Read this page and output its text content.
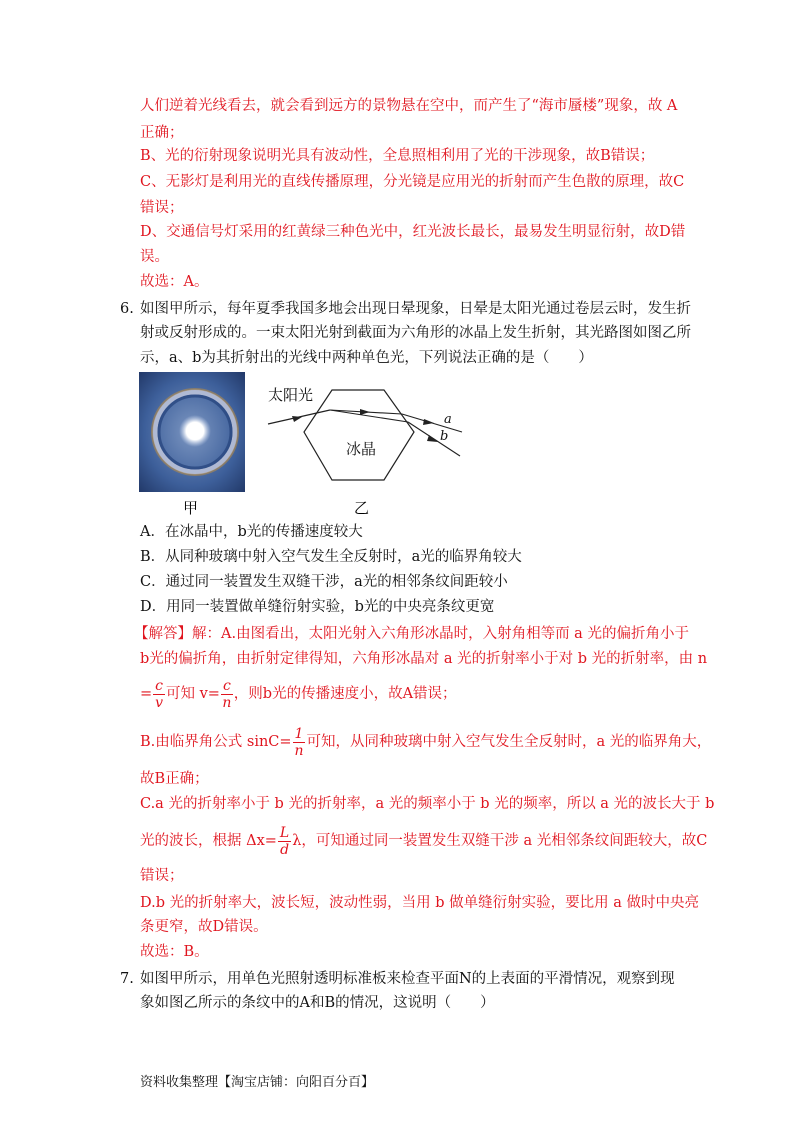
人们逆着光线看去，就会看到远方的景物悬在空中，而产生了“海市蜃楼”现象，故 A
正确；
B、光的衍射现象说明光具有波动性，全息照相利用了光的干涉现象，故B错误；
C、无影灯是利用光的直线传播原理，分光镜是应用光的折射而产生色散的原理，故C
错误；
D、交通信号灯采用的红黄绿三种色光中，红光波长最长，最易发生明显衍射，故D错
误。
故选：A。
6. 如图甲所示，每年夏季我国多地会出现日晕现象，日晕是太阳光通过卷层云时，发生折
射或反射形成的。一束太阳光射到截面为六角形的冰晶上发生折射，其光路图如图乙所
示，a、b为其折射出的光线中两种单色光，下列说法正确的是（　　）
甲
太阳光
冰晶
a
b
乙
A．在冰晶中，b光的传播速度较大
B．从同种玻璃中射入空气发生全反射时，a光的临界角较大
C．通过同一装置发生双缝干涉，a光的相邻条纹间距较小
D．用同一装置做单缝衍射实验，b光的中央亮条纹更宽
【解答】解：A.由图看出，太阳光射入六角形冰晶时，入射角相等而 a 光的偏折角小于
b光的偏折角，由折射定律得知，六角形冰晶对 a 光的折射率小于对 b 光的折射率，由 n
= $\frac{c}{v}$ 可知 $v= \frac{c}{n}$ ，则b光的传播速度小，故A错误；
B.由临界角公式 $\sin C= \frac{1}{n}$ 可知，从同种玻璃中射入空气发生全反射时，a 光的临界角大，
故B正确；
C.a 光的折射率小于 b 光的折射率，a 光的频率小于 b 光的频率，所以 a 光的波长大于 b
光的波长，根据 $\Delta x= \frac{L}{d}$ λ，可知通过同一装置发生双缝干涉 a 光相邻条纹间距较大，故C
错误；
D.b 光的折射率大，波长短，波动性弱，当用 b 做单缝衍射实验，要比用 a 做时中央亮
条更窄，故D错误。
故选：B。
7. 如图甲所示，用单色光照射透明标准板来检查平面N的上表面的平滑情况，观察到现
象如图乙所示的条纹中的A和B的情况，这说明（　　）
资料收集整理【淘宝店铺：向阳百分百】
